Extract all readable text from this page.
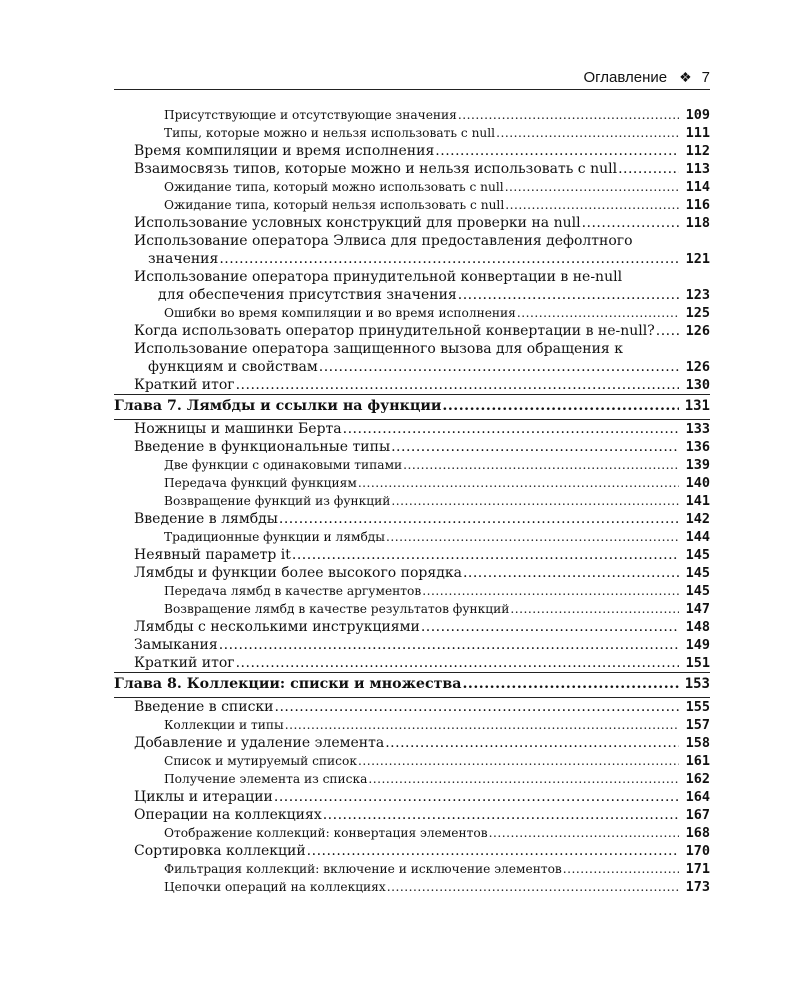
Оглавление ❖ 7
Присутствующие и отсутствующие значения .....	109
Типы, которые можно и нельзя использовать с null .....	111
Время компиляции и время исполнения .....	112
Взаимосвязь типов, которые можно и нельзя использовать с null .....	113
Ожидание типа, который можно использовать с null .....	114
Ожидание типа, который нельзя использовать с null .....	116
Использование условных конструкций для проверки на null .....	118
Использование оператора Элвиса для предоставления дефолтного
значения .....	121
Использование оператора принудительной конвертации в не-null
для обеспечения присутствия значения .....	123
Ошибки во время компиляции и во время исполнения .....	125
Когда использовать оператор принудительной конвертации в не-null? .....	126
Использование оператора защищенного вызова для обращения к
функциям и свойствам .....	126
Краткий итог .....	130
Глава 7. Лямбды и ссылки на функции .....	131
Ножницы и машинки Берта .....	133
Введение в функциональные типы .....	136
Две функции с одинаковыми типами .....	139
Передача функций функциям .....	140
Возвращение функций из функций .....	141
Введение в лямбды .....	142
Традиционные функции и лямбды .....	144
Неявный параметр it .....	145
Лямбды и функции более высокого порядка .....	145
Передача лямбд в качестве аргументов .....	145
Возвращение лямбд в качестве результатов функций .....	147
Лямбды с несколькими инструкциями .....	148
Замыкания .....	149
Краткий итог .....	151
Глава 8. Коллекции: списки и множества .....	153
Введение в списки .....	155
Коллекции и типы .....	157
Добавление и удаление элемента .....	158
Список и мутируемый список .....	161
Получение элемента из списка .....	162
Циклы и итерации .....	164
Операции на коллекциях .....	167
Отображение коллекций: конвертация элементов .....	168
Сортировка коллекций .....	170
Фильтрация коллекций: включение и исключение элементов .....	171
Цепочки операций на коллекциях .....	173
